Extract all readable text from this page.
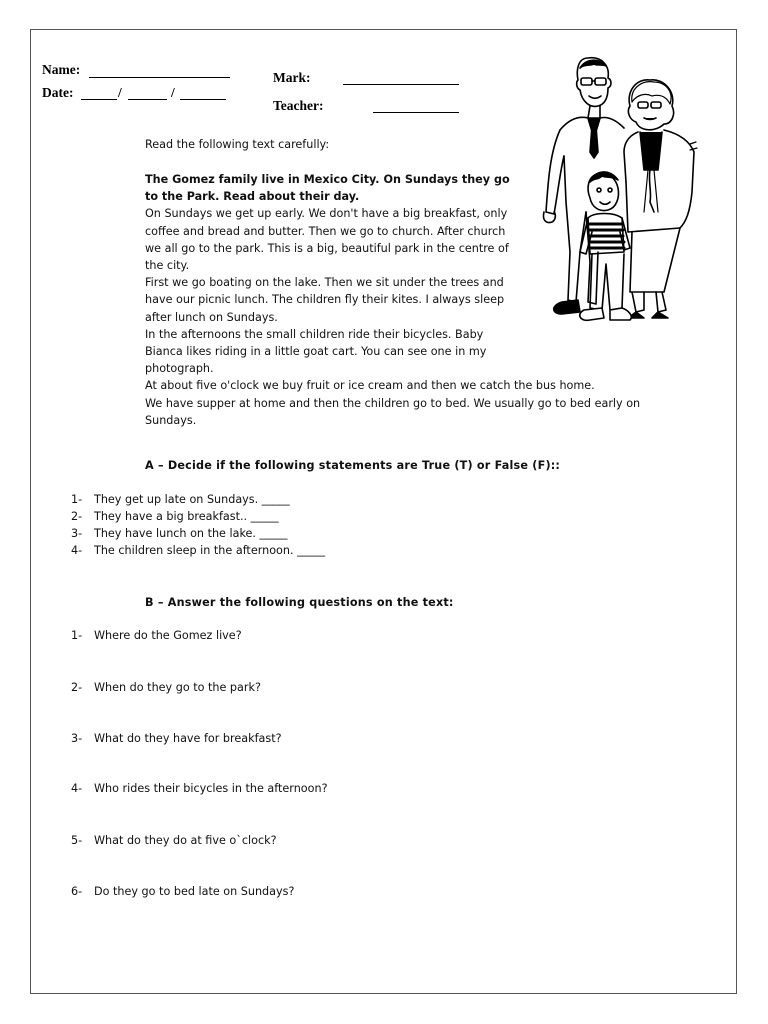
Name:
Date:	/	/
Mark:
Teacher:
Read the following text carefully:

The Gomez family live in Mexico City. On Sundays they go

to the Park. Read about their day.

On Sundays we get up early. We don't have a big breakfast, only

coffee and bread and butter. Then we go to church. After church

we all go to the park. This is a big, beautiful park in the centre of

the city.

First we go boating on the lake. Then we sit under the trees and

have our picnic lunch. The children fly their kites. I always sleep

after lunch on Sundays.

In the afternoons the small children ride their bicycles. Baby

Bianca likes riding in a little goat cart. You can see one in my

photograph.

At about five o'clock we buy fruit or ice cream and then we catch the bus home.

We have supper at home and then the children go to bed. We usually go to bed early on

Sundays.

A – Decide if the following statements are True (T) or False (F)::
1- They get up late on Sundays. _____
2- They have a big breakfast.. _____
3- They have lunch on the lake. _____
4- The children sleep in the afternoon. _____
B – Answer the following questions on the text:
1- Where do the Gomez live?
2- When do they go to the park?
3- What do they have for breakfast?
4- Who rides their bicycles in the afternoon?
5- What do they do at five o`clock?
6- Do they go to bed late on Sundays?
